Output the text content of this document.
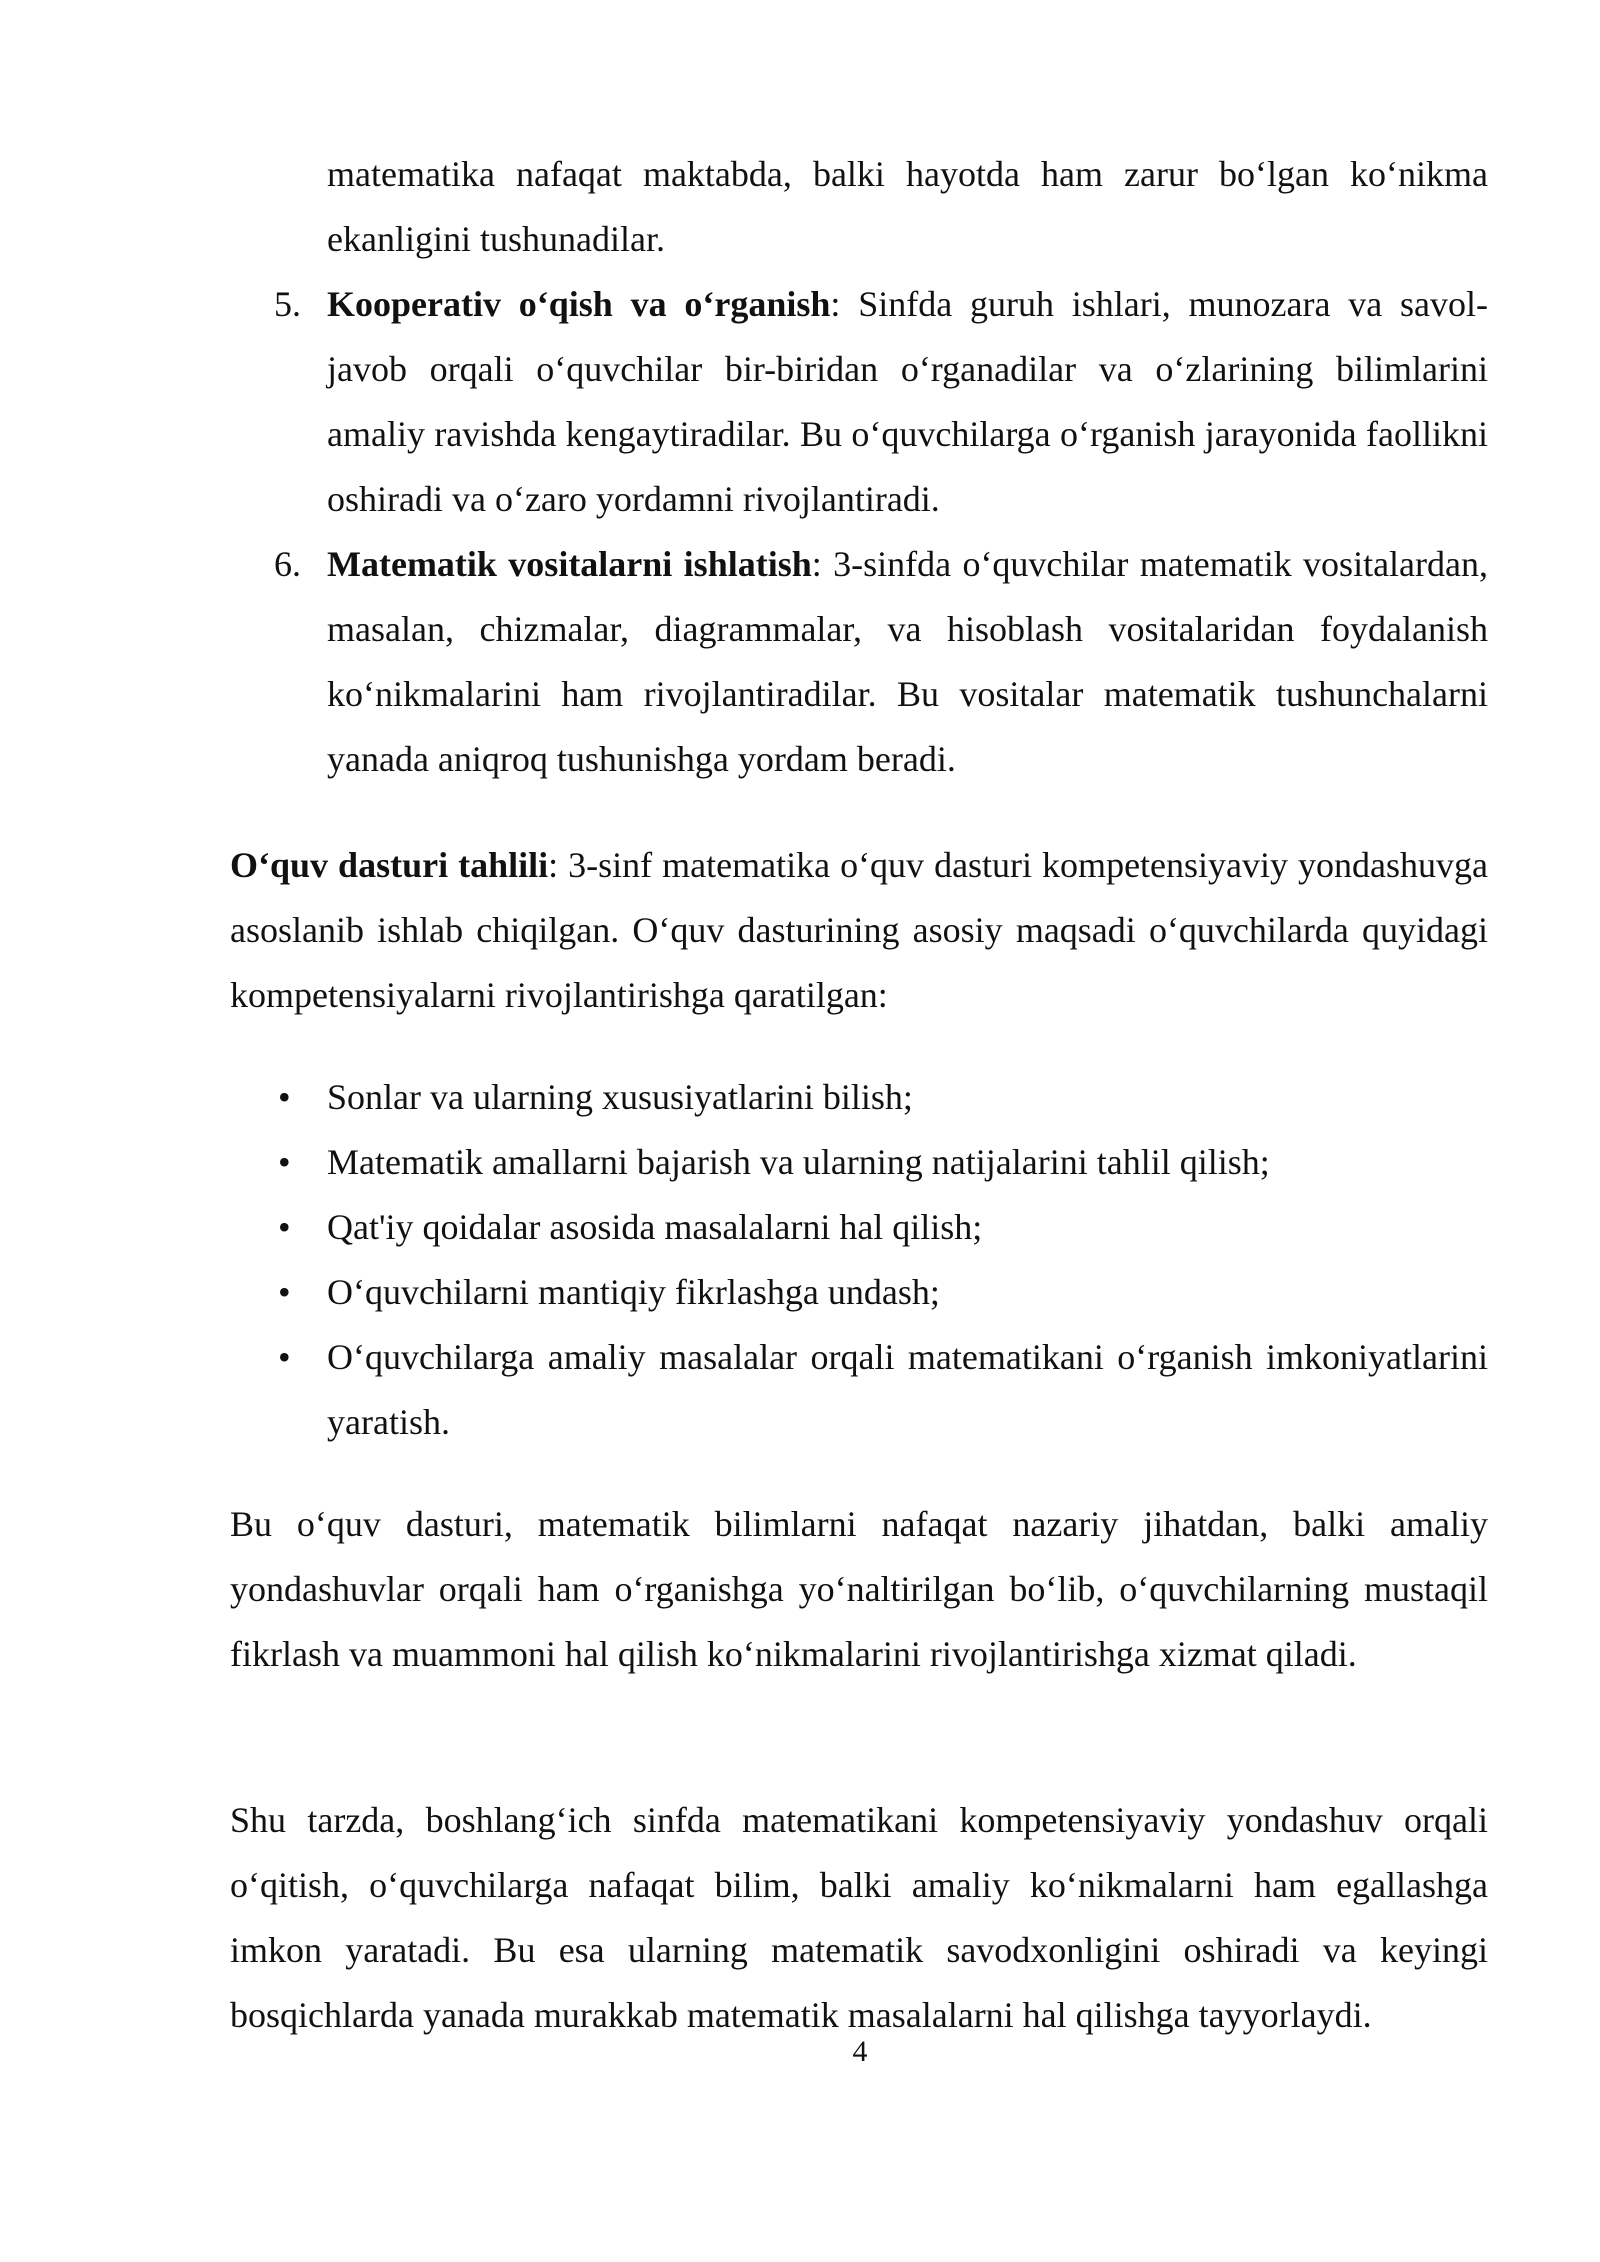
matematika nafaqat maktabda, balki hayotda ham zarur bo‘lgan ko‘nikma ekanligini tushunadilar.
5. Kooperativ o‘qish va o‘rganish: Sinfda guruh ishlari, munozara va savol-javob orqali o‘quvchilar bir-biridan o‘rganadilar va o‘zlarining bilimlarini amaliy ravishda kengaytiradilar. Bu o‘quvchilarga o‘rganish jarayonida faollikni oshiradi va o‘zaro yordamni rivojlantiradi.
6. Matematik vositalarni ishlatish: 3-sinfda o‘quvchilar matematik vositalardan, masalan, chizmalar, diagrammalar, va hisoblash vositalaridan foydalanish ko‘nikmalarini ham rivojlantiradilar. Bu vositalar matematik tushunchalarni yanada aniqroq tushunishga yordam beradi.
O‘quv dasturi tahlili: 3-sinf matematika o‘quv dasturi kompetensiyaviy yondashuvga asoslanib ishlab chiqilgan. O‘quv dasturining asosiy maqsadi o‘quvchilarda quyidagi kompetensiyalarni rivojlantirishga qaratilgan:
• Sonlar va ularning xususiyatlarini bilish;
• Matematik amallarni bajarish va ularning natijalarini tahlil qilish;
• Qat'iy qoidalar asosida masalalarni hal qilish;
• O‘quvchilarni mantiqiy fikrlashga undash;
• O‘quvchilarga amaliy masalalar orqali matematikani o‘rganish imkoniyatlarini yaratish.
Bu o‘quv dasturi, matematik bilimlarni nafaqat nazariy jihatdan, balki amaliy yondashuvlar orqali ham o‘rganishga yo‘naltirilgan bo‘lib, o‘quvchilarning mustaqil fikrlash va muammoni hal qilish ko‘nikmalarini rivojlantirishga xizmat qiladi.
Shu tarzda, boshlang‘ich sinfda matematikani kompetensiyaviy yondashuv orqali o‘qitish, o‘quvchilarga nafaqat bilim, balki amaliy ko‘nikmalarni ham egallashga imkon yaratadi. Bu esa ularning matematik savodxonligini oshiradi va keyingi bosqichlarda yanada murakkab matematik masalalarni hal qilishga tayyorlaydi.
4
